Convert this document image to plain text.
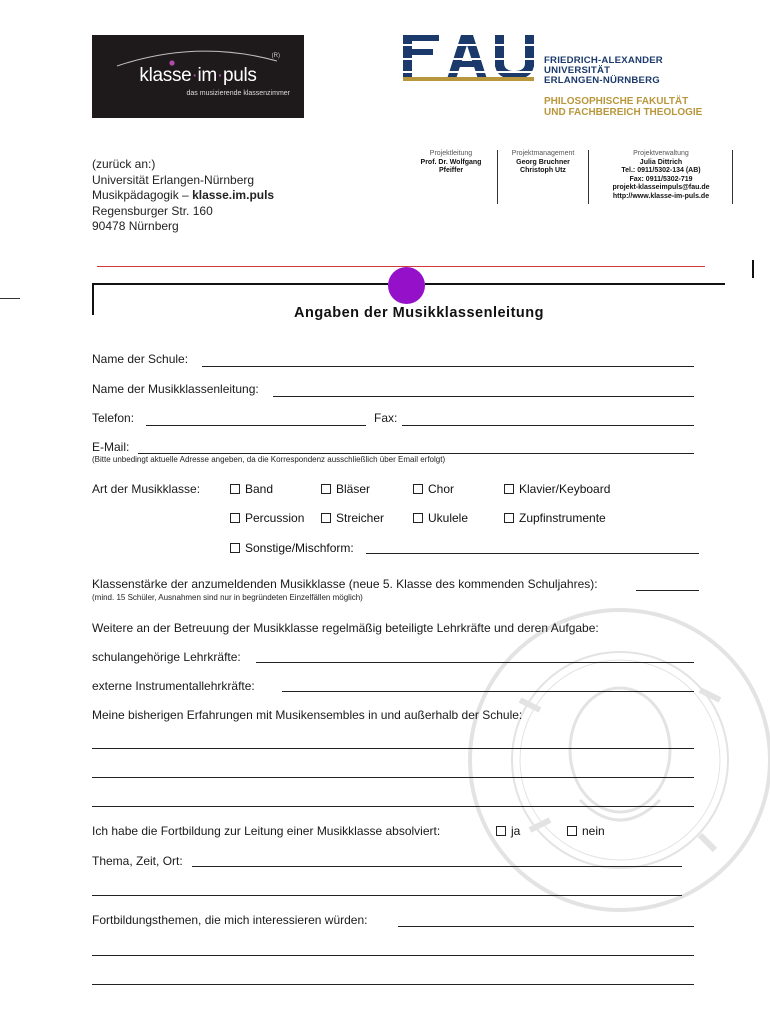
(R)
klasse·im·puls
das musizierende klassenzimmer
FRIEDRICH-ALEXANDER
UNIVERSITÄT
ERLANGEN-NÜRNBERG
PHILOSOPHISCHE FAKULTÄT
UND FACHBEREICH THEOLOGIE
(zurück an:)
Universität Erlangen-Nürnberg
Musikpädagogik – klasse.im.puls
Regensburger Str. 160
90478 Nürnberg
Projektleitung
Prof. Dr. Wolfgang
Pfeiffer
Projektmanagement
Georg Bruchner
Christoph Utz
Projektverwaltung
Julia Dittrich
Tel.: 0911/5302-134 (AB)
Fax: 0911/5302-719
projekt-klasseimpuls@fau.de
http://www.klasse-im-puls.de
Angaben der Musikklassenleitung
Name der Schule:
Name der Musikklassenleitung:
Telefon:	Fax:
E-Mail:
(Bitte unbedingt aktuelle Adresse angeben, da die Korrespondenz ausschließlich über Email erfolgt)
Art der Musikklasse:	Band	Bläser	Chor	Klavier/Keyboard
Percussion	Streicher	Ukulele	Zupfinstrumente
Sonstige/Mischform:
Klassenstärke der anzumeldenden Musikklasse (neue 5. Klasse des kommenden Schuljahres):
(mind. 15 Schüler, Ausnahmen sind nur in begründeten Einzelfällen möglich)
Weitere an der Betreuung der Musikklasse regelmäßig beteiligte Lehrkräfte und deren Aufgabe:
schulangehörige Lehrkräfte:
externe Instrumentallehrkräfte:
Meine bisherigen Erfahrungen mit Musikensembles in und außerhalb der Schule:
Ich habe die Fortbildung zur Leitung einer Musikklasse absolviert:	ja	nein
Thema, Zeit, Ort:
Fortbildungsthemen, die mich interessieren würden:
